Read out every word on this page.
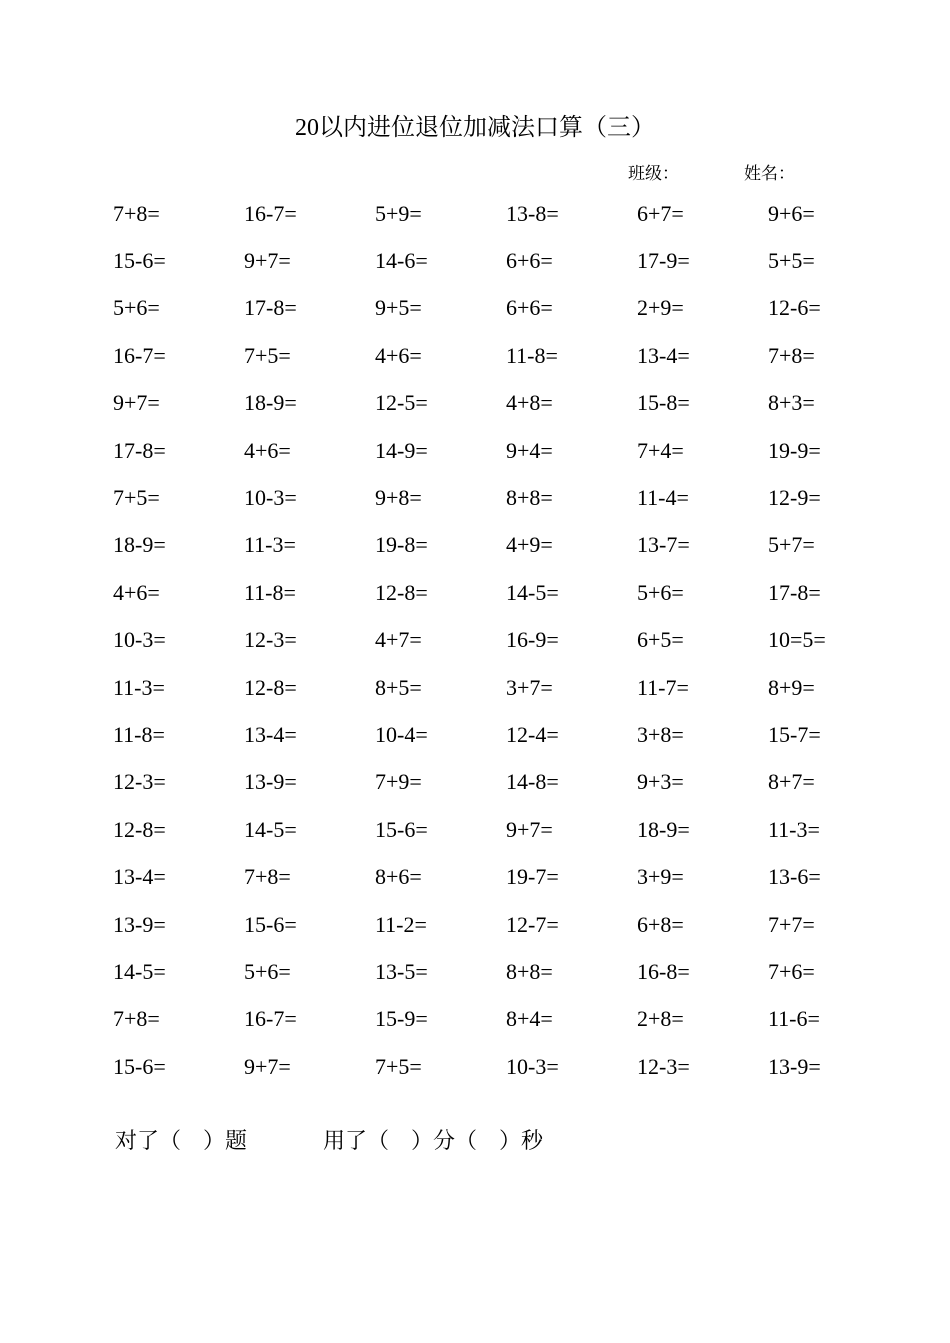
20以内进位退位加减法口算（三）
班级：	姓名：
7+8=	16-7=	5+9=	13-8=	6+7=	9+6=
15-6=	9+7=	14-6=	6+6=	17-9=	5+5=
5+6=	17-8=	9+5=	6+6=	2+9=	12-6=
16-7=	7+5=	4+6=	11-8=	13-4=	7+8=
9+7=	18-9=	12-5=	4+8=	15-8=	8+3=
17-8=	4+6=	14-9=	9+4=	7+4=	19-9=
7+5=	10-3=	9+8=	8+8=	11-4=	12-9=
18-9=	11-3=	19-8=	4+9=	13-7=	5+7=
4+6=	11-8=	12-8=	14-5=	5+6=	17-8=
10-3=	12-3=	4+7=	16-9=	6+5=	10=5=
11-3=	12-8=	8+5=	3+7=	11-7=	8+9=
11-8=	13-4=	10-4=	12-4=	3+8=	15-7=
12-3=	13-9=	7+9=	14-8=	9+3=	8+7=
12-8=	14-5=	15-6=	9+7=	18-9=	11-3=
13-4=	7+8=	8+6=	19-7=	3+9=	13-6=
13-9=	15-6=	11-2=	12-7=	6+8=	7+7=
14-5=	5+6=	13-5=	8+8=	16-8=	7+6=
7+8=	16-7=	15-9=	8+4=	2+8=	11-6=
15-6=	9+7=	7+5=	10-3=	12-3=	13-9=

对了（    ）题	用了（    ）分（    ）秒
